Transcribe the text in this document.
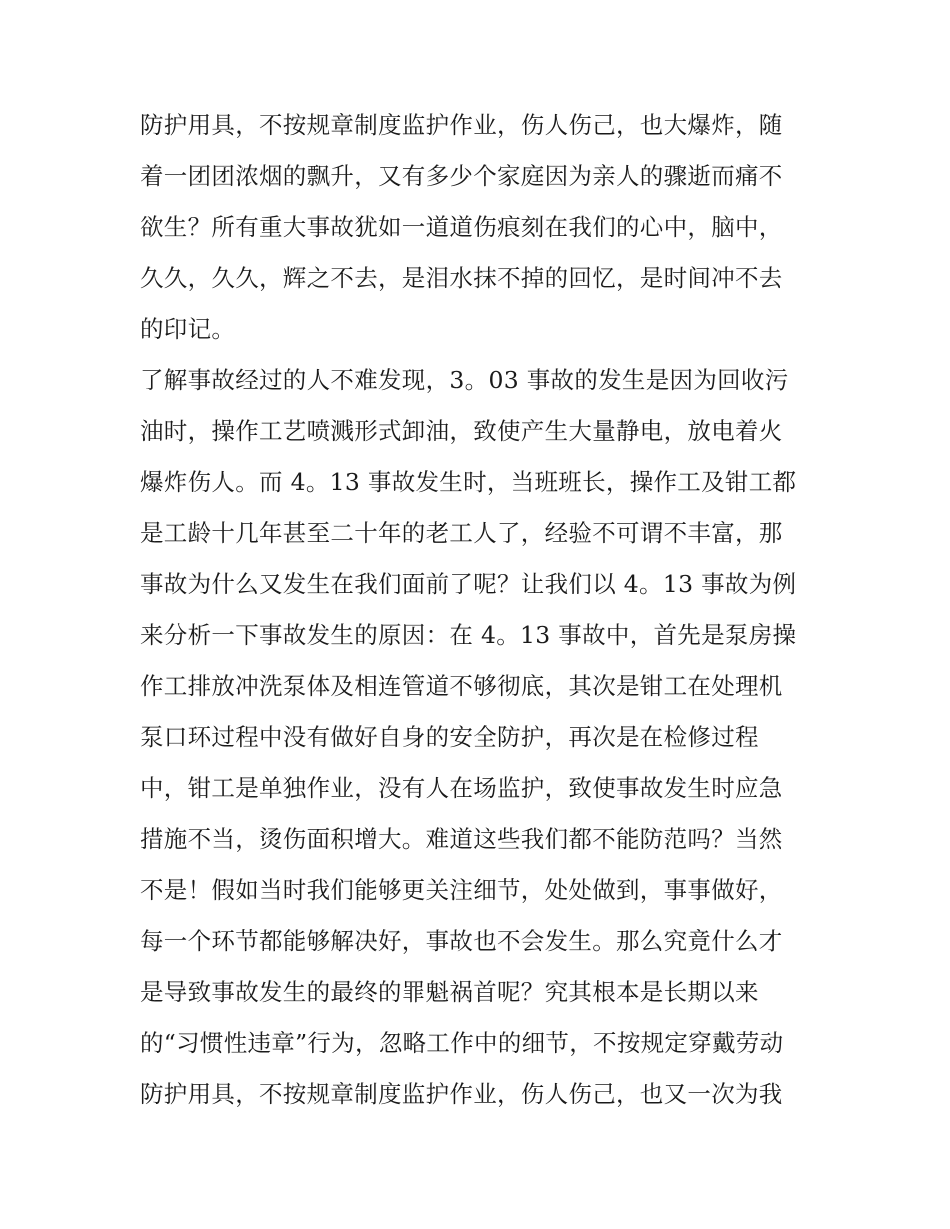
防护用具，不按规章制度监护作业，伤人伤己，也大爆炸，随
着一团团浓烟的飘升，又有多少个家庭因为亲人的骤逝而痛不
欲生？所有重大事故犹如一道道伤痕刻在我们的心中，脑中，
久久，久久，辉之不去，是泪水抹不掉的回忆，是时间冲不去
的印记。
了解事故经过的人不难发现，3。03 事故的发生是因为回收污
油时，操作工艺喷溅形式卸油，致使产生大量静电，放电着火
爆炸伤人。而 4。13 事故发生时，当班班长，操作工及钳工都
是工龄十几年甚至二十年的老工人了，经验不可谓不丰富，那
事故为什么又发生在我们面前了呢？让我们以 4。13 事故为例
来分析一下事故发生的原因：在 4。13 事故中，首先是泵房操
作工排放冲洗泵体及相连管道不够彻底，其次是钳工在处理机
泵口环过程中没有做好自身的安全防护，再次是在检修过程
中，钳工是单独作业，没有人在场监护，致使事故发生时应急
措施不当，烫伤面积增大。难道这些我们都不能防范吗？当然
不是！假如当时我们能够更关注细节，处处做到，事事做好，
每一个环节都能够解决好，事故也不会发生。那么究竟什么才
是导致事故发生的最终的罪魁祸首呢？究其根本是长期以来
的“习惯性违章”行为，忽略工作中的细节，不按规定穿戴劳动
防护用具，不按规章制度监护作业，伤人伤己，也又一次为我
